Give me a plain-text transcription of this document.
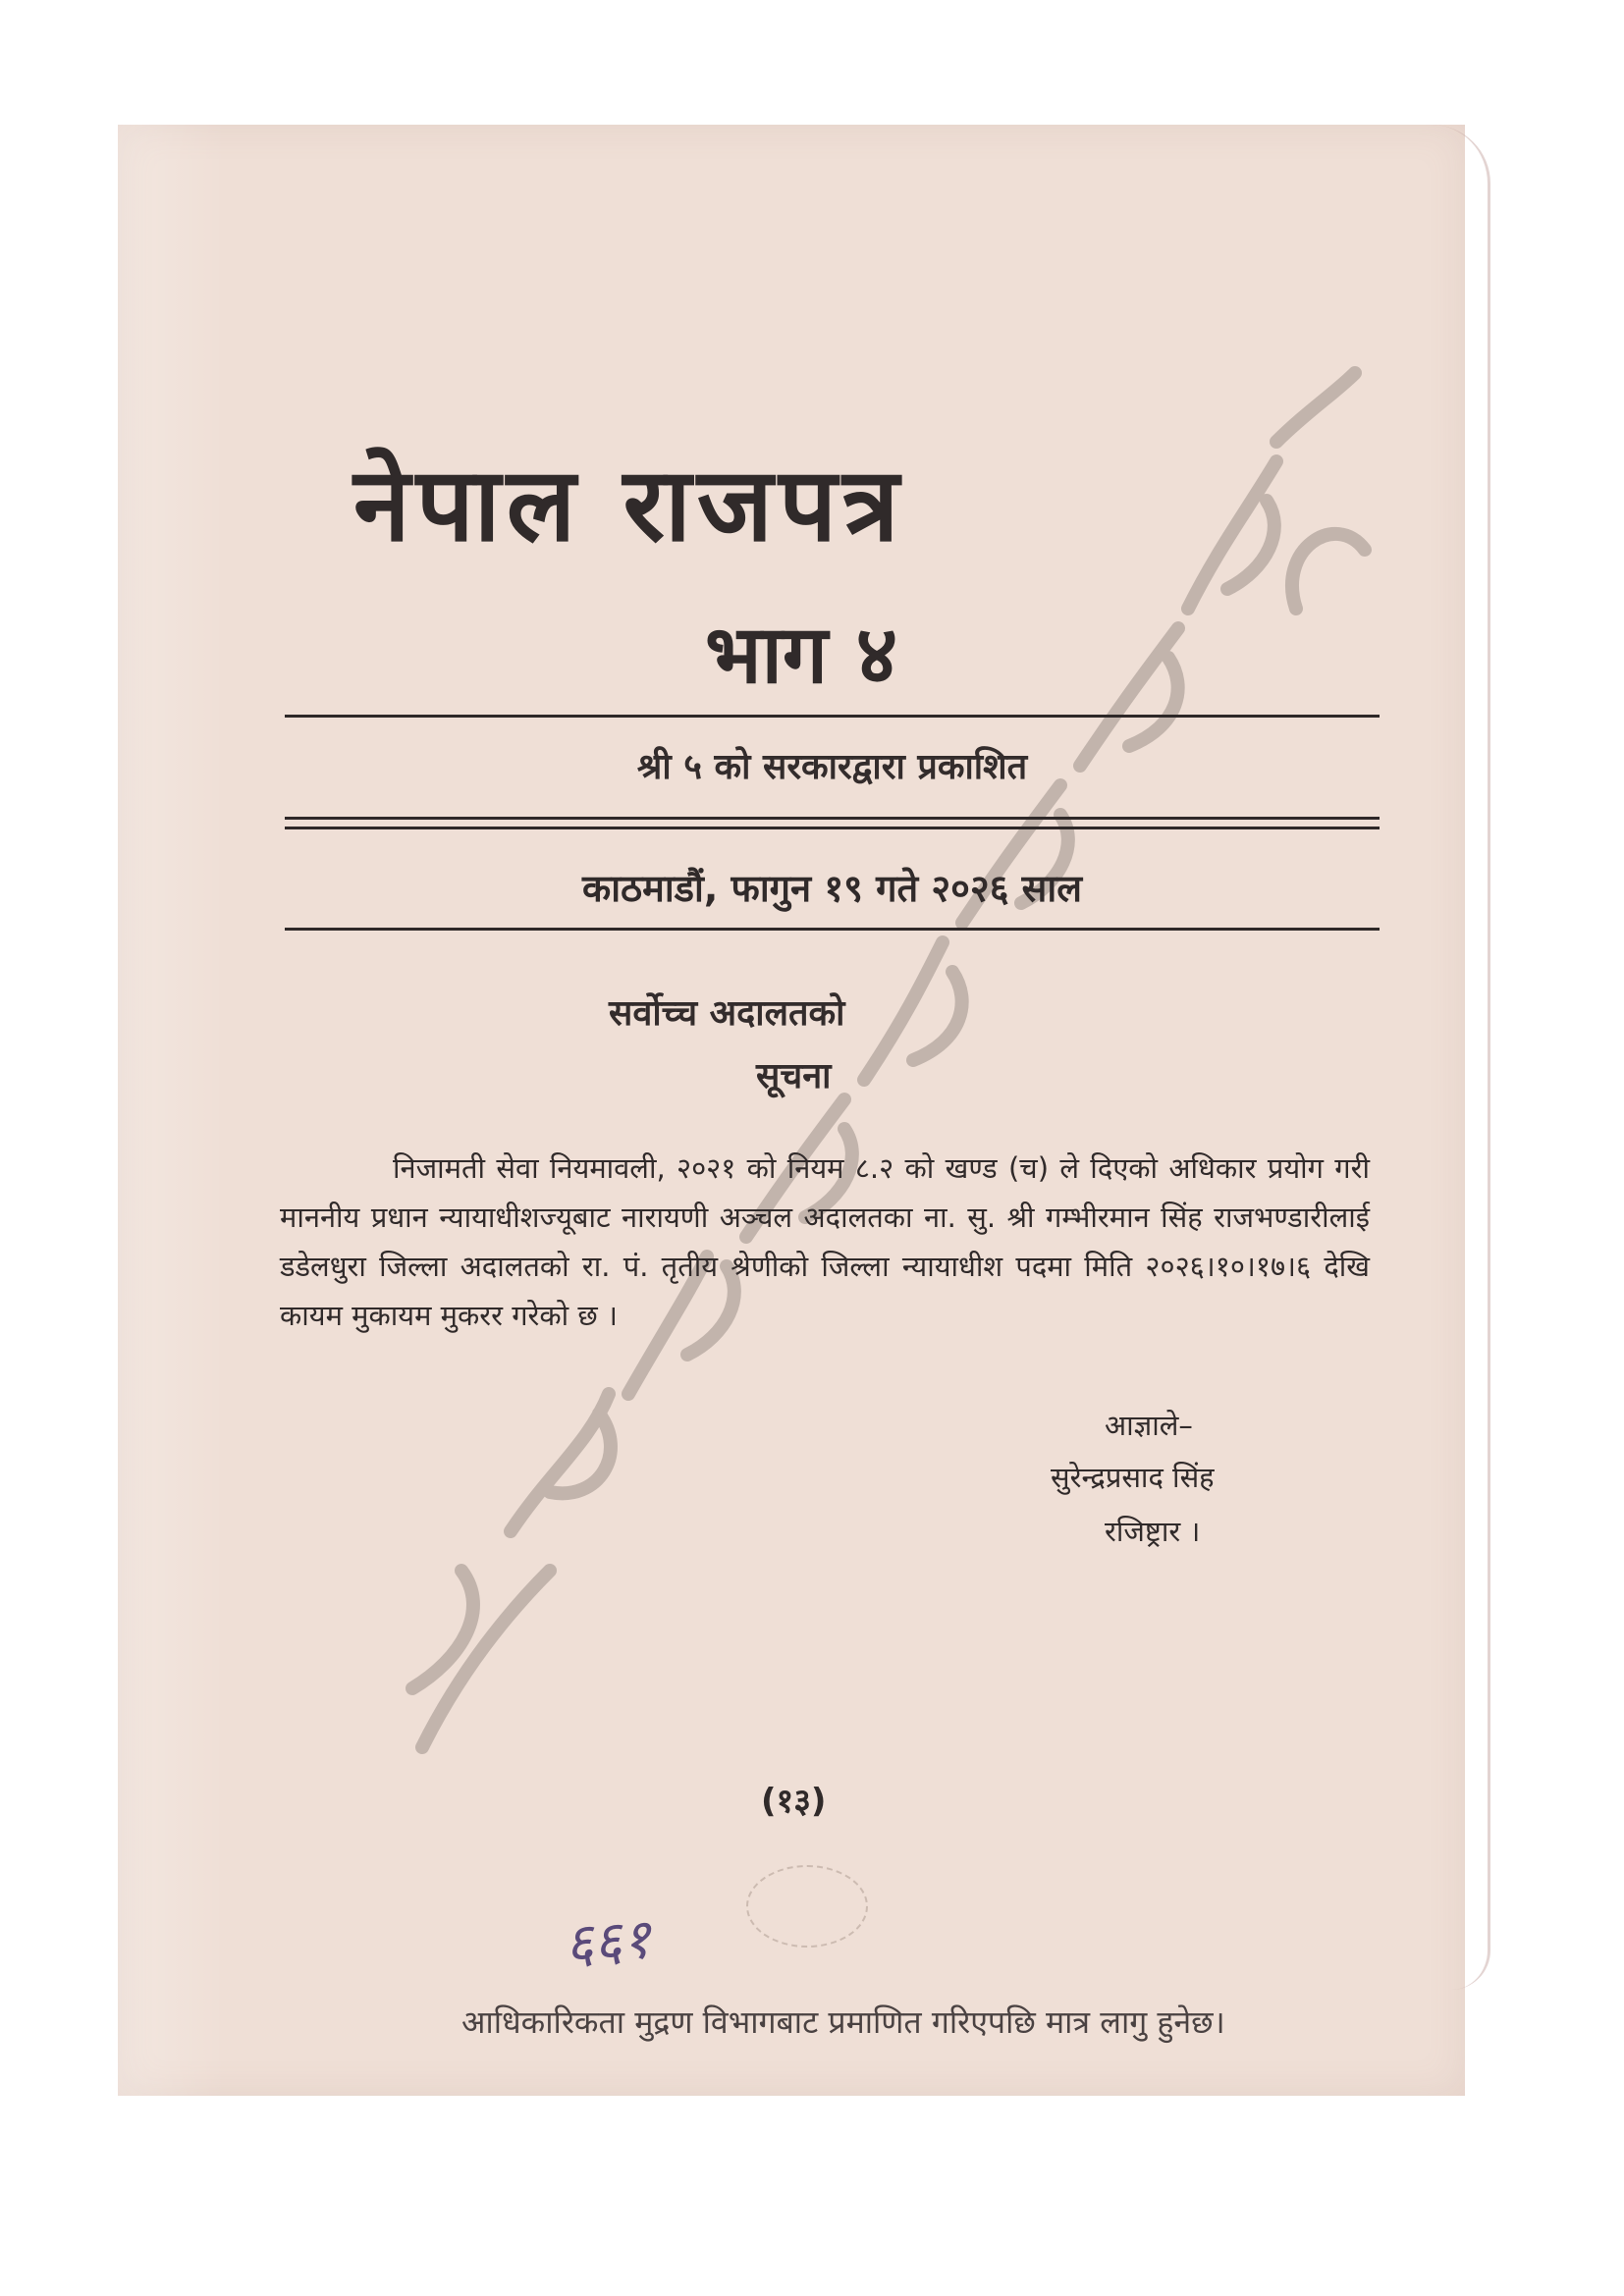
नेपाल राजपत्र
भाग ४
श्री ५ को सरकारद्वारा प्रकाशित
काठमाडौं, फागुन १९ गते २०२६ साल
सर्वोच्च अदालतको
सूचना
निजामती सेवा नियमावली, २०२१ को नियम ८.२ को खण्ड (च) ले दिएको अधिकार प्रयोग गरी माननीय प्रधान न्यायाधीशज्यूबाट नारायणी अञ्चल अदालतका ना. सु. श्री गम्भीरमान सिंह राजभण्डारीलाई डडेलधुरा जिल्ला अदालतको रा. पं. तृतीय श्रेणीको जिल्ला न्यायाधीश पदमा मिति २०२६।१०।१७।६ देखि कायम मुकायम मुकरर गरेको छ ।
आज्ञाले–
सुरेन्द्रप्रसाद सिंह
रजिष्ट्रार ।
(१३)
६६१
आधिकारिकता मुद्रण विभागबाट प्रमाणित गरिएपछि मात्र लागु हुनेछ।
